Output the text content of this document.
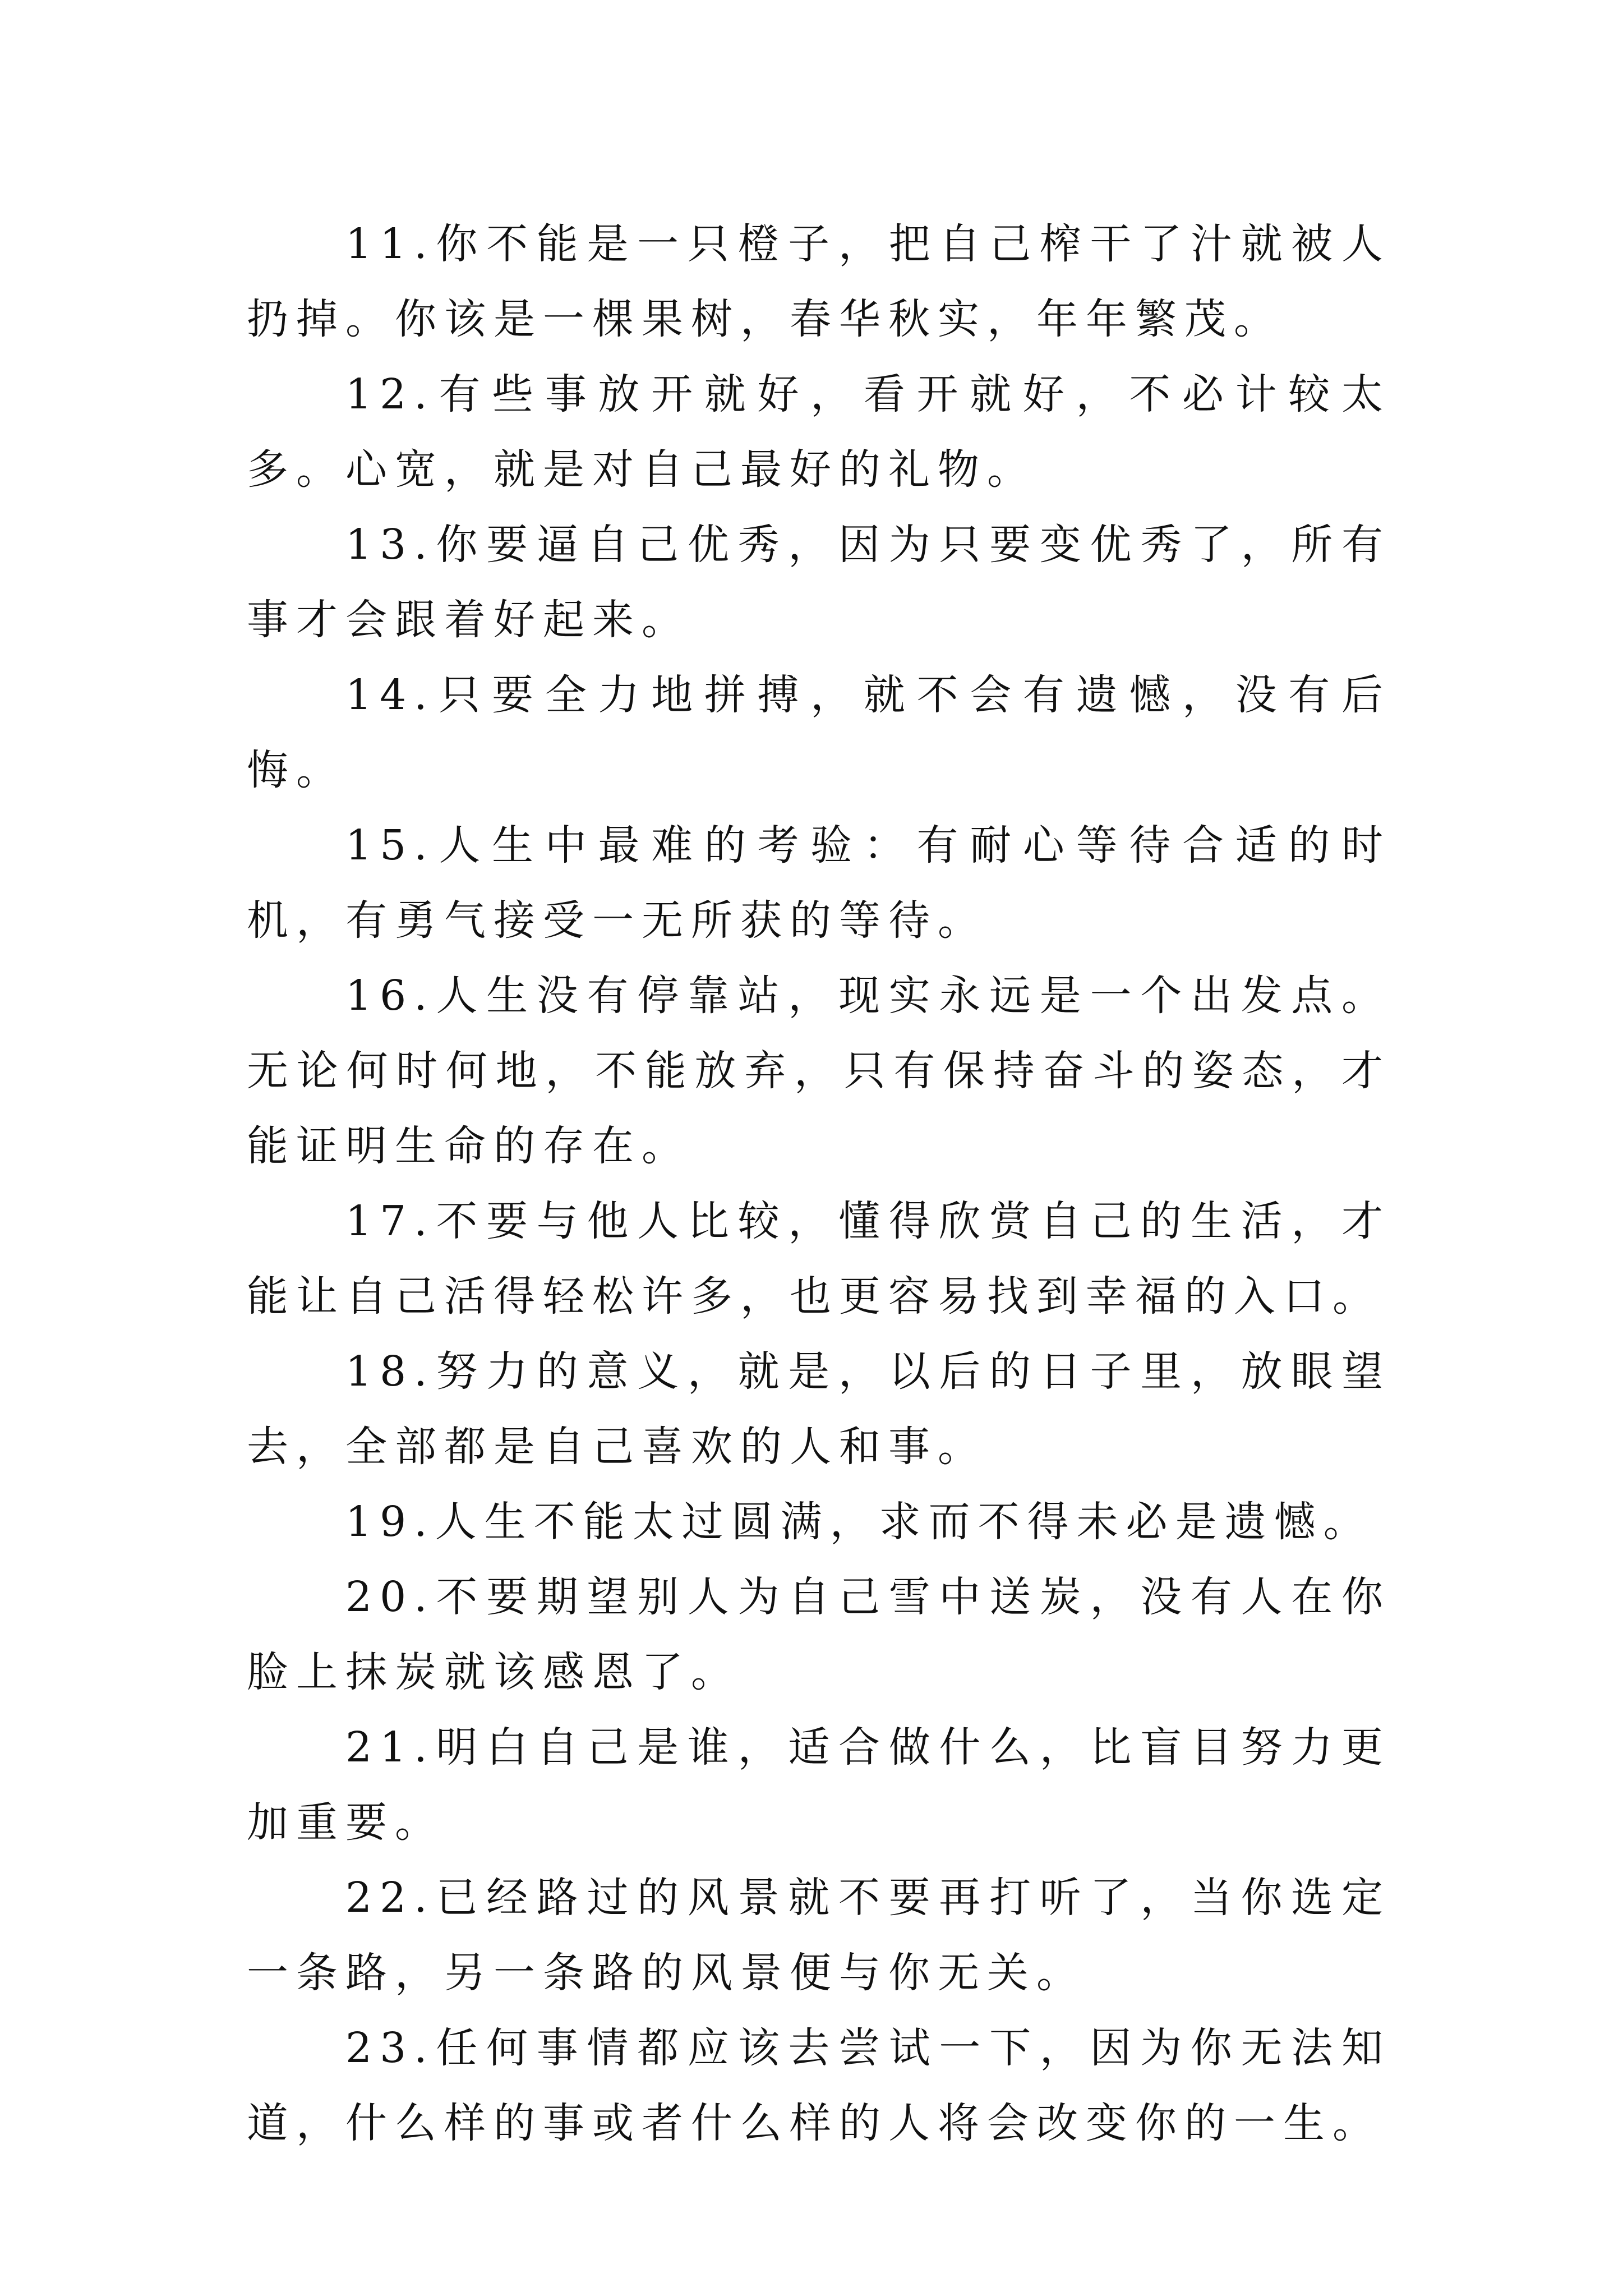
11.你不能是一只橙子，把自己榨干了汁就被人扔掉。你该是一棵果树，春华秋实，年年繁茂。

12.有些事放开就好，看开就好，不必计较太多。心宽，就是对自己最好的礼物。

13.你要逼自己优秀，因为只要变优秀了，所有事才会跟着好起来。

14.只要全力地拼搏，就不会有遗憾，没有后悔。

15.人生中最难的考验：有耐心等待合适的时机，有勇气接受一无所获的等待。

16.人生没有停靠站，现实永远是一个出发点。无论何时何地，不能放弃，只有保持奋斗的姿态，才能证明生命的存在。

17.不要与他人比较，懂得欣赏自己的生活，才能让自己活得轻松许多，也更容易找到幸福的入口。

18.努力的意义，就是，以后的日子里，放眼望去，全部都是自己喜欢的人和事。

19.人生不能太过圆满，求而不得未必是遗憾。

20.不要期望别人为自己雪中送炭，没有人在你脸上抹炭就该感恩了。

21.明白自己是谁，适合做什么，比盲目努力更加重要。

22.已经路过的风景就不要再打听了，当你选定一条路，另一条路的风景便与你无关。

23.任何事情都应该去尝试一下，因为你无法知道，什么样的事或者什么样的人将会改变你的一生。
